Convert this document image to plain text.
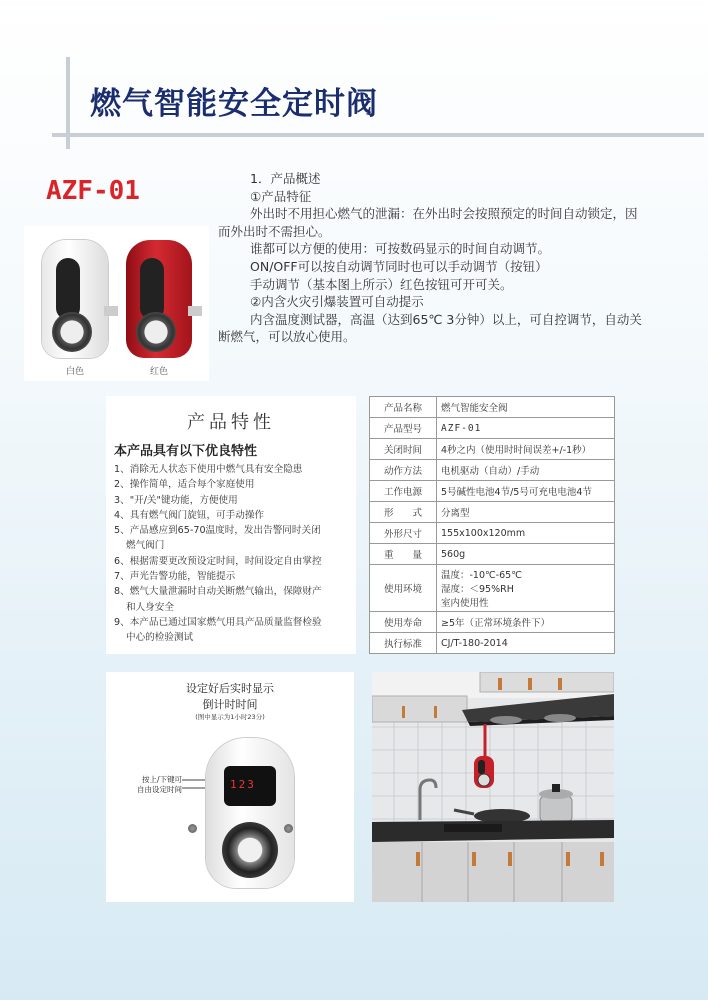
燃气智能安全定时阀
AZF-01
白色	红色
1．产品概述
①产品特征
外出时不用担心燃气的泄漏：在外出时会按照预定的时间自动锁定，因
而外出时不需担心。
谁都可以方便的使用：可按数码显示的时间自动调节。
ON/OFF可以按自动调节同时也可以手动调节（按钮）
手动调节（基本图上所示）红色按钮可开可关。
②内含火灾引爆装置可自动提示
内含温度测试器，高温（达到65℃ 3分钟）以上，可自控调节，自动关
断燃气，可以放心使用。
产品特性
本产品具有以下优良特性
1、消除无人状态下使用中燃气具有安全隐患
2、操作简单，适合每个家庭使用
3、"开/关"键功能，方便使用
4、具有燃气阀门旋钮，可手动操作
5、产品感应到65-70温度时，发出告警同时关闭
燃气阀门
6、根据需要更改预设定时间，时间设定自由掌控
7、声光告警功能，智能提示
8、燃气大量泄漏时自动关断燃气输出，保障财产
和人身安全
9、本产品已通过国家燃气用具产品质量监督检验
中心的检验测试
产品名称	燃气智能安全阀
产品型号	AZF-01
关闭时间	4秒之内（使用时时间误差+/-1秒）
动作方法	电机驱动（自动）/手动
工作电源	5号碱性电池4节/5号可充电电池4节
形　　式	分离型
外形尺寸	155x100x120mm
重　　量	560g
使用环境	温度：-10℃-65℃
湿度：＜95%RH
室内使用性

使用寿命	≥5年（正常环境条件下）
执行标准	CJ/T-180-2014
设定好后实时显示
倒计时时间
(图中显示为1小时23分)
按上/下键可
自由设定时间	123
